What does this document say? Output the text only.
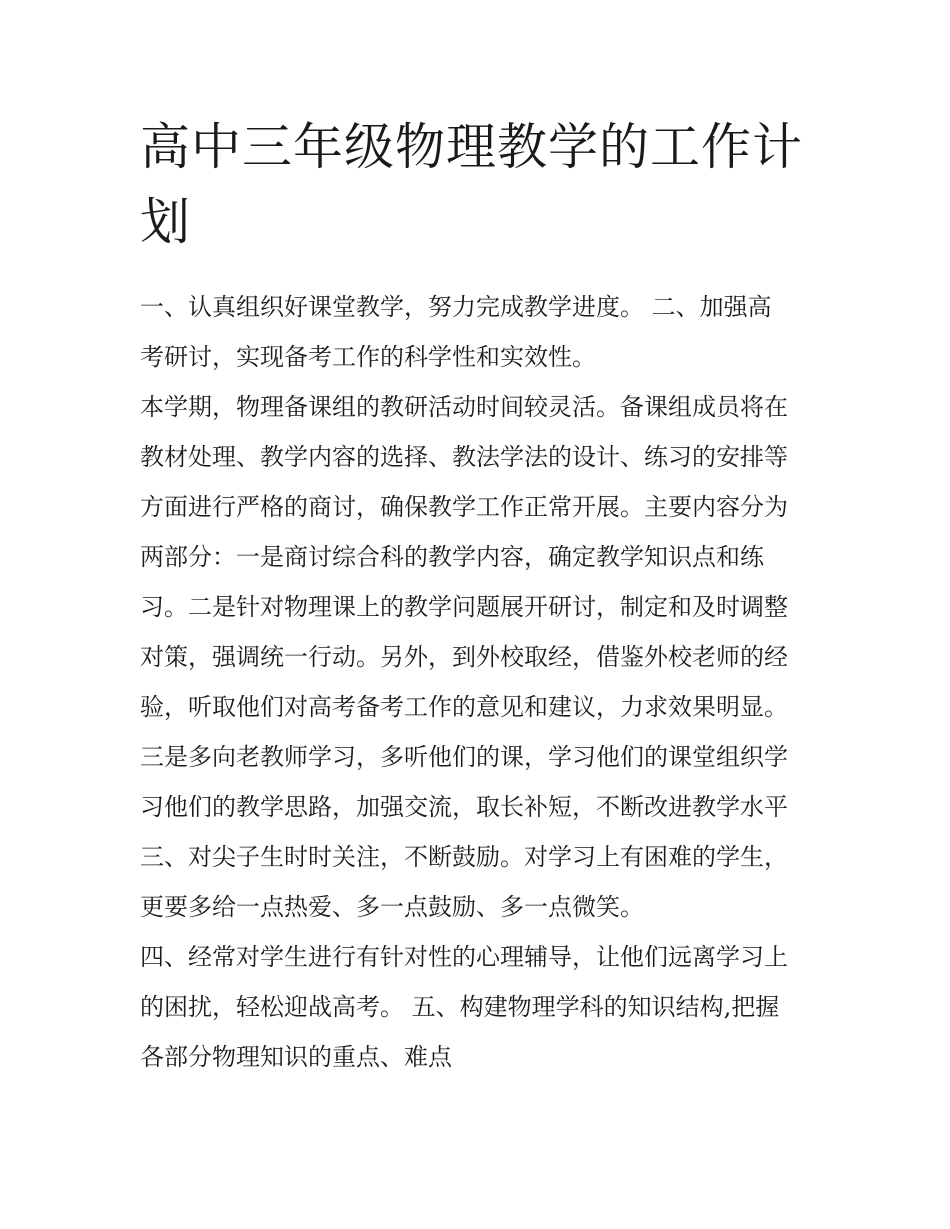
高中三年级物理教学的工作计
划
一、认真组织好课堂教学，努力完成教学进度。 二、加强高
考研讨，实现备考工作的科学性和实效性。
本学期，物理备课组的教研活动时间较灵活。备课组成员将在
教材处理、教学内容的选择、教法学法的设计、练习的安排等
方面进行严格的商讨，确保教学工作正常开展。主要内容分为
两部分：一是商讨综合科的教学内容，确定教学知识点和练
习。二是针对物理课上的教学问题展开研讨，制定和及时调整
对策，强调统一行动。另外，到外校取经，借鉴外校老师的经
验，听取他们对高考备考工作的意见和建议，力求效果明显。
三是多向老教师学习，多听他们的课，学习他们的课堂组织学
习他们的教学思路，加强交流，取长补短，不断改进教学水平
三、对尖子生时时关注，不断鼓励。对学习上有困难的学生，
更要多给一点热爱、多一点鼓励、多一点微笑。
四、经常对学生进行有针对性的心理辅导，让他们远离学习上
的困扰，轻松迎战高考。 五、构建物理学科的知识结构,把握
各部分物理知识的重点、难点
